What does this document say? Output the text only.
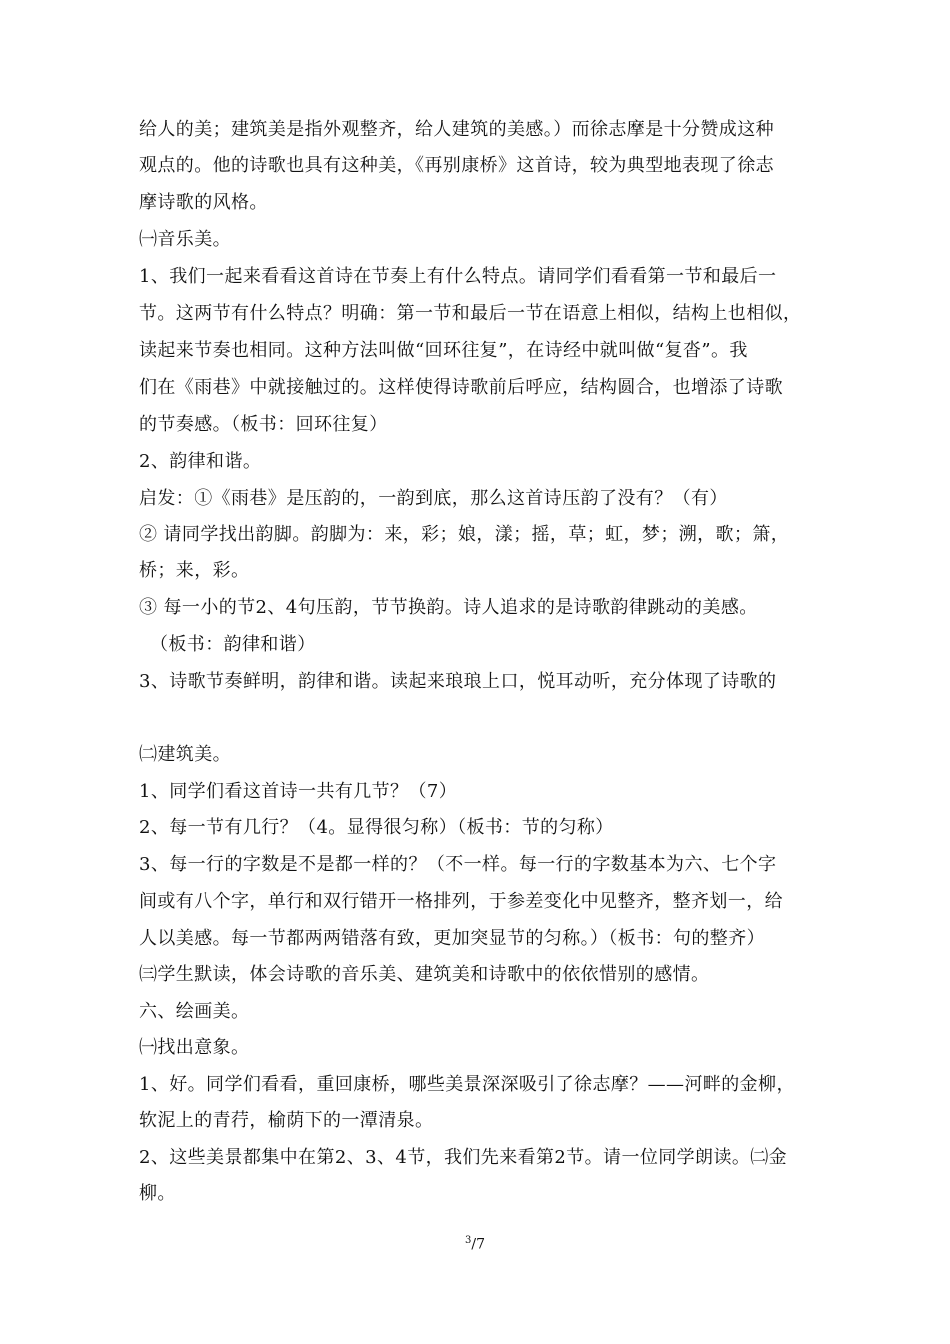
给人的美；建筑美是指外观整齐，给人建筑的美感。）而徐志摩是十分赞成这种
观点的。他的诗歌也具有这种美，《再别康桥》这首诗，较为典型地表现了徐志
摩诗歌的风格。
㈠音乐美。
1、我们一起来看看这首诗在节奏上有什么特点。请同学们看看第一节和最后一
节。这两节有什么特点？明确：第一节和最后一节在语意上相似，结构上也相似，
读起来节奏也相同。这种方法叫做“回环往复”，在诗经中就叫做“复沓”。我
们在《雨巷》中就接触过的。这样使得诗歌前后呼应，结构圆合，也增添了诗歌
的节奏感。（板书：回环往复）
2、韵律和谐。
启发：①《雨巷》是压韵的，一韵到底，那么这首诗压韵了没有？（有）
② 请同学找出韵脚。韵脚为：来，彩；娘，漾；摇，草；虹，梦；溯，歌；箫，
桥；来，彩。
③ 每一小的节2、4句压韵，节节换韵。诗人追求的是诗歌韵律跳动的美感。
（板书：韵律和谐）
3、诗歌节奏鲜明，韵律和谐。读起来琅琅上口，悦耳动听，充分体现了诗歌的
㈡建筑美。
1、同学们看这首诗一共有几节？（7）
2、每一节有几行？（4。显得很匀称）（板书：节的匀称）
3、每一行的字数是不是都一样的？（不一样。每一行的字数基本为六、七个字
间或有八个字，单行和双行错开一格排列，于参差变化中见整齐，整齐划一，给
人以美感。每一节都两两错落有致，更加突显节的匀称。）（板书：句的整齐）
㈢学生默读，体会诗歌的音乐美、建筑美和诗歌中的依依惜别的感情。
六、绘画美。
㈠找出意象。
1、好。同学们看看，重回康桥，哪些美景深深吸引了徐志摩？——河畔的金柳，
软泥上的青荇，榆荫下的一潭清泉。
2、这些美景都集中在第2、3、4节，我们先来看第2节。请一位同学朗读。㈡金
柳。
$^3$/7
